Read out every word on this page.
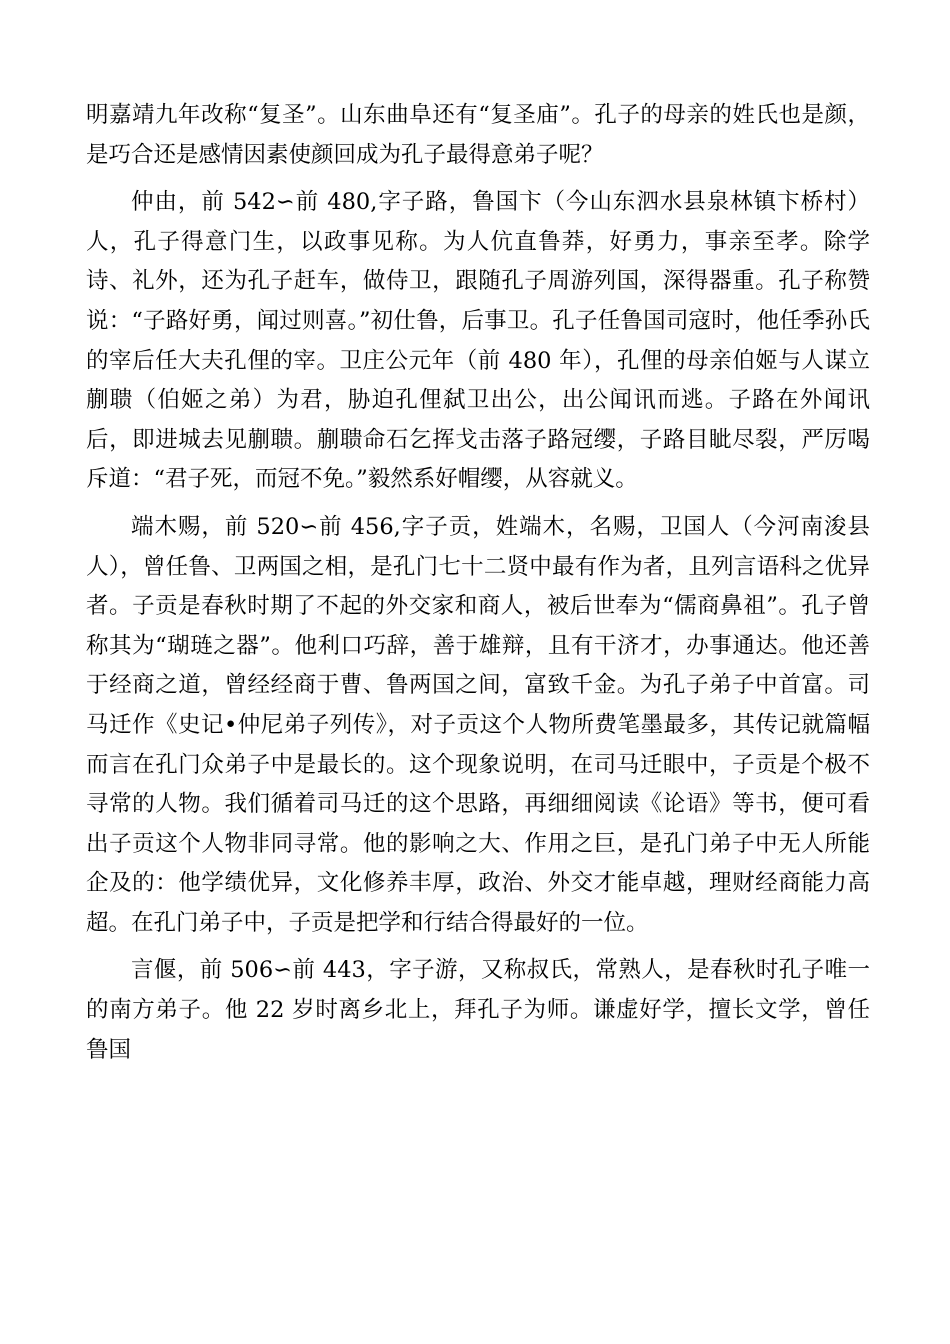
明嘉靖九年改称“复圣”。山东曲阜还有“复圣庙”。孔子的母亲的姓氏也是颜，是巧合还是感情因素使颜回成为孔子最得意弟子呢？

仲由，前 542∽前 480,字子路，鲁国卞（今山东泗水县泉林镇卞桥村）人，孔子得意门生，以政事见称。为人伉直鲁莽，好勇力，事亲至孝。除学诗、礼外，还为孔子赶车，做侍卫，跟随孔子周游列国，深得器重。孔子称赞说：“子路好勇，闻过则喜。”初仕鲁，后事卫。孔子任鲁国司寇时，他任季孙氏的宰后任大夫孔俚的宰。卫庄公元年（前 480 年），孔俚的母亲伯姬与人谋立蒯聩（伯姬之弟）为君，胁迫孔俚弑卫出公，出公闻讯而逃。子路在外闻讯后，即进城去见蒯聩。蒯聩命石乞挥戈击落子路冠缨，子路目眦尽裂，严厉喝斥道：“君子死，而冠不免。”毅然系好帽缨，从容就义。

端木赐，前 520∽前 456,字子贡，姓端木，名赐，卫国人（今河南浚县人），曾任鲁、卫两国之相，是孔门七十二贤中最有作为者，且列言语科之优异者。子贡是春秋时期了不起的外交家和商人，被后世奉为“儒商鼻祖”。孔子曾称其为“瑚琏之器”。他利口巧辞，善于雄辩，且有干济才，办事通达。他还善于经商之道，曾经经商于曹、鲁两国之间，富致千金。为孔子弟子中首富。司马迁作《史记•仲尼弟子列传》，对子贡这个人物所费笔墨最多，其传记就篇幅而言在孔门众弟子中是最长的。这个现象说明，在司马迁眼中，子贡是个极不寻常的人物。我们循着司马迁的这个思路，再细细阅读《论语》等书，便可看出子贡这个人物非同寻常。他的影响之大、作用之巨，是孔门弟子中无人所能企及的：他学绩优异，文化修养丰厚，政治、外交才能卓越，理财经商能力高超。在孔门弟子中，子贡是把学和行结合得最好的一位。

言偃，前 506∽前 443，字子游，又称叔氏，常熟人，是春秋时孔子唯一的南方弟子。他 22 岁时离乡北上，拜孔子为师。谦虚好学，擅长文学，曾任鲁国
